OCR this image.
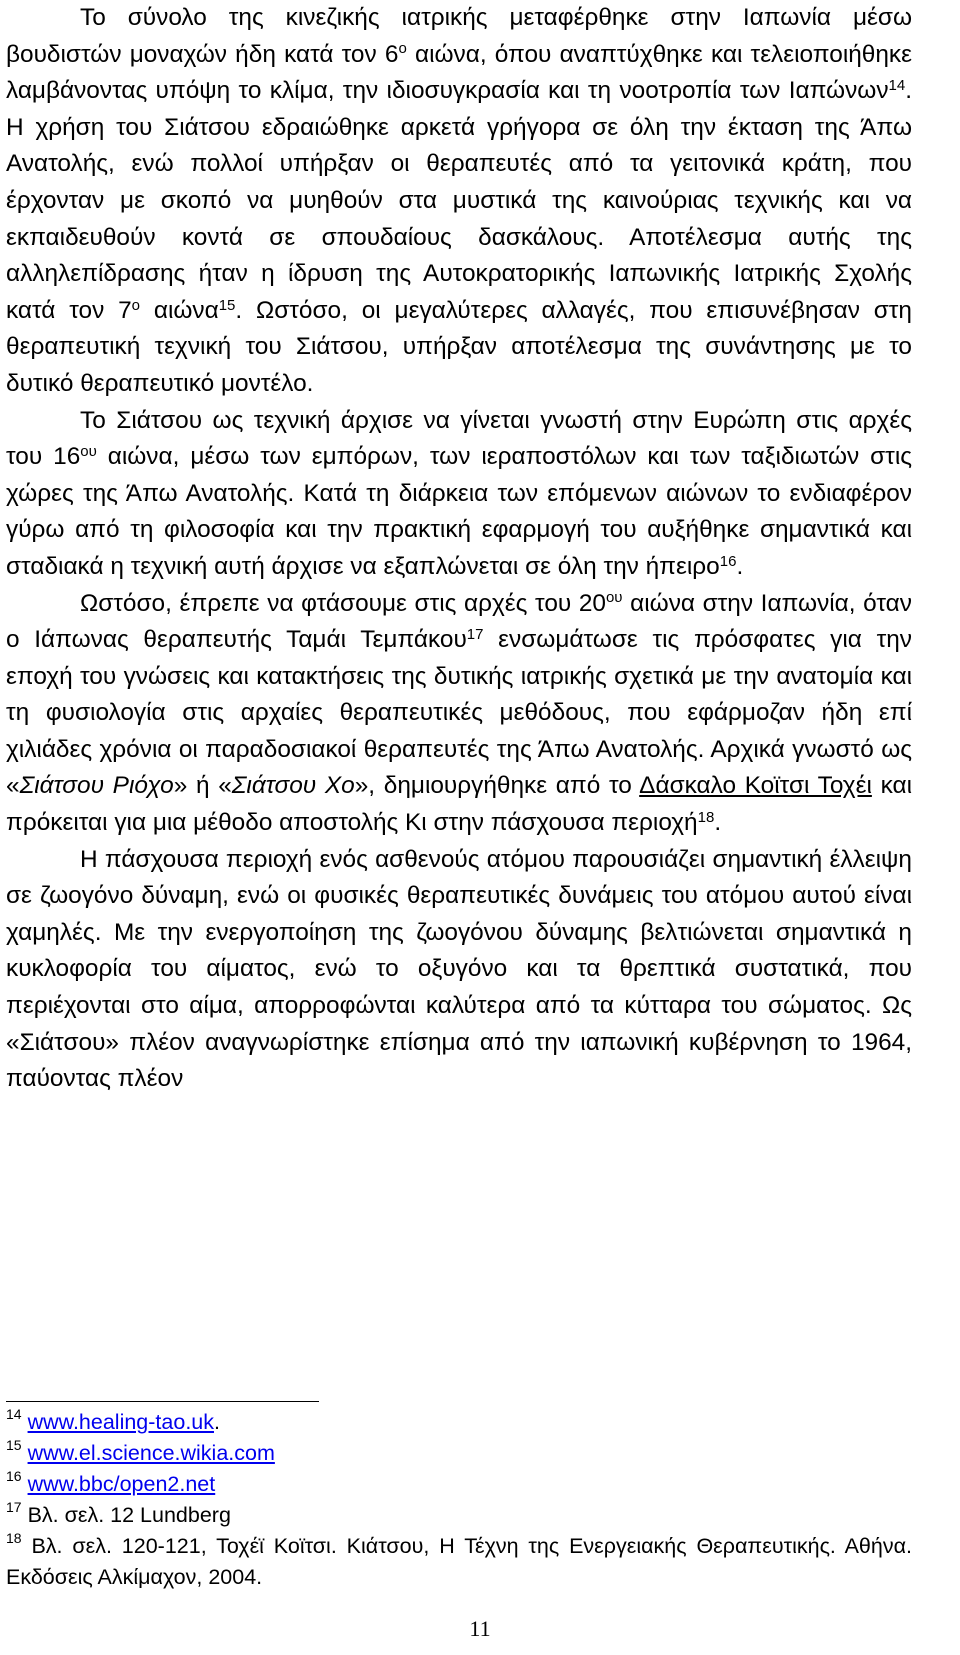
Το σύνολο της κινεζικής ιατρικής μεταφέρθηκε στην Ιαπωνία μέσω βουδιστών μοναχών ήδη κατά τον $6^o$ αιώνα, όπου αναπτύχθηκε και τελειοποιήθηκε λαμβάνοντας υπόψη το κλίμα, την ιδιοσυγκρασία και τη νοοτροπία των Ιαπώνων$^{14}$. Η χρήση του Σιάτσου εδραιώθηκε αρκετά γρήγορα σε όλη την έκταση της Άπω Ανατολής, ενώ πολλοί υπήρξαν οι θεραπευτές από τα γειτονικά κράτη, που έρχονταν με σκοπό να μυηθούν στα μυστικά της καινούριας τεχνικής και να εκπαιδευθούν κοντά σε σπουδαίους δασκάλους. Αποτέλεσμα αυτής της αλληλεπίδρασης ήταν η ίδρυση της Αυτοκρατορικής Ιαπωνικής Ιατρικής Σχολής κατά τον $7^o$ αιώνα$^{15}$. Ωστόσο, οι μεγαλύτερες αλλαγές, που επισυνέβησαν στη θεραπευτική τεχνική του Σιάτσου, υπήρξαν αποτέλεσμα της συνάντησης με το δυτικό θεραπευτικό μοντέλο.

Το Σιάτσου ως τεχνική άρχισε να γίνεται γνωστή στην Ευρώπη στις αρχές του $16^{o\upsilon}$ αιώνα, μέσω των εμπόρων, των ιεραποστόλων και των ταξιδιωτών στις χώρες της Άπω Ανατολής. Κατά τη διάρκεια των επόμενων αιώνων το ενδιαφέρον γύρω από τη φιλοσοφία και την πρακτική εφαρμογή του αυξήθηκε σημαντικά και σταδιακά η τεχνική αυτή άρχισε να εξαπλώνεται σε όλη την ήπειρο$^{16}$.

Ωστόσο, έπρεπε να φτάσουμε στις αρχές του $20^{o\upsilon}$ αιώνα στην Ιαπωνία, όταν ο Ιάπωνας θεραπευτής Ταμάι Τεμπάκου$^{17}$ ενσωμάτωσε τις πρόσφατες για την εποχή του γνώσεις και κατακτήσεις της δυτικής ιατρικής σχετικά με την ανατομία και τη φυσιολογία στις αρχαίες θεραπευτικές μεθόδους, που εφάρμοζαν ήδη επί χιλιάδες χρόνια οι παραδοσιακοί θεραπευτές της Άπω Ανατολής. Αρχικά γνωστό ως «Σιάτσου Ριόχο» ή «Σιάτσου Χο», δημιουργήθηκε από το Δάσκαλο Κοϊτσι Τοχέι και πρόκειται για μια μέθοδο αποστολής Κι στην πάσχουσα περιοχή$^{18}$.

Η πάσχουσα περιοχή ενός ασθενούς ατόμου παρουσιάζει σημαντική έλλειψη σε ζωογόνο δύναμη, ενώ οι φυσικές θεραπευτικές δυνάμεις του ατόμου αυτού είναι χαμηλές. Με την ενεργοποίηση της ζωογόνου δύναμης βελτιώνεται σημαντικά η κυκλοφορία του αίματος, ενώ το οξυγόνο και τα θρεπτικά συστατικά, που περιέχονται στο αίμα, απορροφώνται καλύτερα από τα κύτταρα του σώματος. Ως «Σιάτσου» πλέον αναγνωρίστηκε επίσημα από την ιαπωνική κυβέρνηση το 1964, παύοντας πλέον

$^{14}$ www.healing-tao.uk.
$^{15}$ www.el.science.wikia.com
$^{16}$ www.bbc/open2.net
$^{17}$ Βλ. σελ. 12 Lundberg
$^{18}$ Βλ. σελ. 120-121, Τοχέϊ Κοϊτσι. Κιάτσου, Η Τέχνη της Ενεργειακής Θεραπευτικής. Αθήνα. Εκδόσεις Αλκίμαχον, 2004.
11
